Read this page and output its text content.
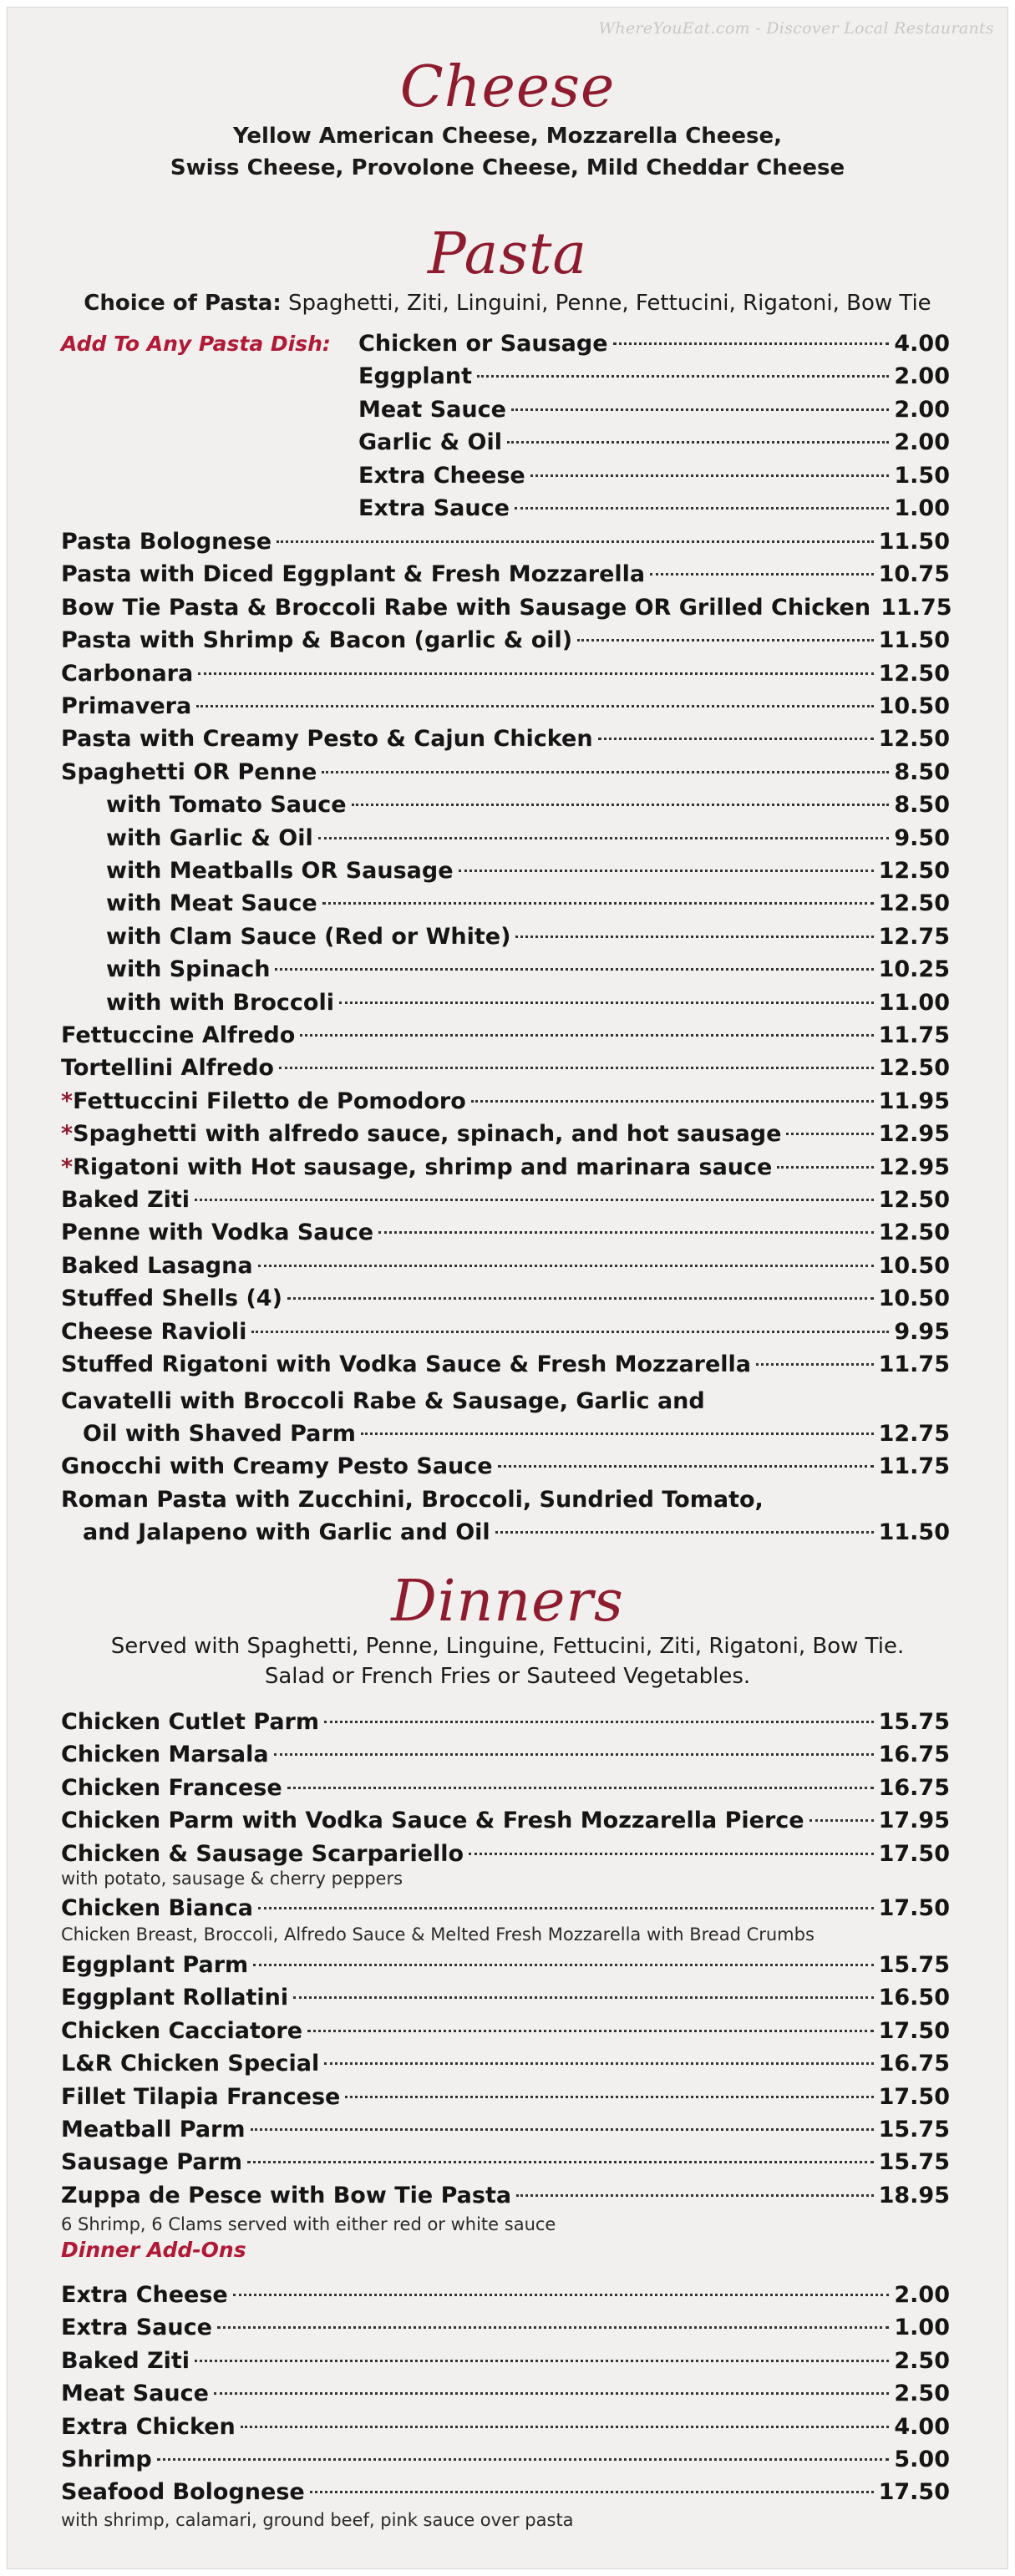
WhereYouEat.com - Discover Local Restaurants
Cheese
Yellow American Cheese, Mozzarella Cheese,
Swiss Cheese, Provolone Cheese, Mild Cheddar Cheese
Pasta
Choice of Pasta: Spaghetti, Ziti, Linguini, Penne, Fettucini, Rigatoni, Bow Tie
Add To Any Pasta Dish: Chicken or Sausage	4.00
Eggplant	2.00
Meat Sauce	2.00
Garlic & Oil	2.00
Extra Cheese	1.50
Extra Sauce	1.00
Pasta Bolognese	11.50
Pasta with Diced Eggplant & Fresh Mozzarella	10.75
Bow Tie Pasta & Broccoli Rabe with Sausage OR Grilled Chicken 11.75
Pasta with Shrimp & Bacon (garlic & oil)	11.50
Carbonara	12.50
Primavera	10.50
Pasta with Creamy Pesto & Cajun Chicken	12.50
Spaghetti OR Penne	8.50
with Tomato Sauce	8.50
with Garlic & Oil	9.50
with Meatballs OR Sausage	12.50
with Meat Sauce	12.50
with Clam Sauce (Red or White)	12.75
with Spinach	10.25
with with Broccoli	11.00
Fettuccine Alfredo	11.75
Tortellini Alfredo	12.50
*Fettuccini Filetto de Pomodoro	11.95
*Spaghetti with alfredo sauce, spinach, and hot sausage	12.95
*Rigatoni with Hot sausage, shrimp and marinara sauce	12.95
Baked Ziti	12.50
Penne with Vodka Sauce	12.50
Baked Lasagna	10.50
Stuffed Shells (4)	10.50
Cheese Ravioli	9.95
Stuffed Rigatoni with Vodka Sauce & Fresh Mozzarella	11.75
Cavatelli with Broccoli Rabe & Sausage, Garlic and
Oil with Shaved Parm	12.75
Gnocchi with Creamy Pesto Sauce	11.75
Roman Pasta with Zucchini, Broccoli, Sundried Tomato,
and Jalapeno with Garlic and Oil	11.50
Dinners
Served with Spaghetti, Penne, Linguine, Fettucini, Ziti, Rigatoni, Bow Tie.
Salad or French Fries or Sauteed Vegetables.
Chicken Cutlet Parm	15.75
Chicken Marsala	16.75
Chicken Francese	16.75
Chicken Parm with Vodka Sauce & Fresh Mozzarella Pierce	17.95
Chicken & Sausage Scarpariello	17.50
with potato, sausage & cherry peppers
Chicken Bianca	17.50
Chicken Breast, Broccoli, Alfredo Sauce & Melted Fresh Mozzarella with Bread Crumbs
Eggplant Parm	15.75
Eggplant Rollatini	16.50
Chicken Cacciatore	17.50
L&R Chicken Special	16.75
Fillet Tilapia Francese	17.50
Meatball Parm	15.75
Sausage Parm	15.75
Zuppa de Pesce with Bow Tie Pasta	18.95
6 Shrimp, 6 Clams served with either red or white sauce
Dinner Add-Ons
Extra Cheese	2.00
Extra Sauce	1.00
Baked Ziti	2.50
Meat Sauce	2.50
Extra Chicken	4.00
Shrimp	5.00
Seafood Bolognese	17.50
with shrimp, calamari, ground beef, pink sauce over pasta
